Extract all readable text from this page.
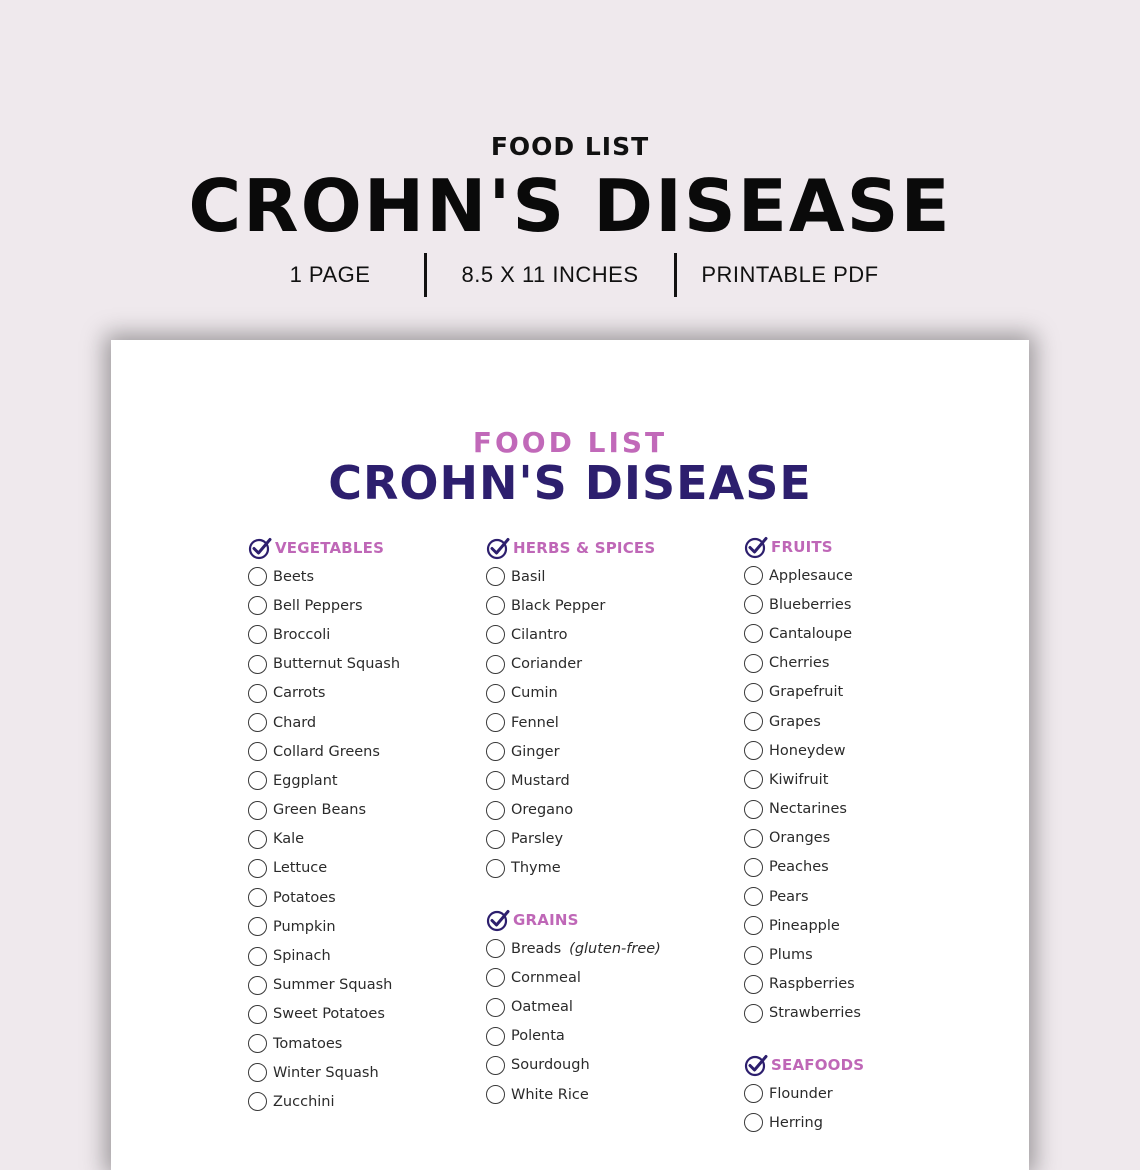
FOOD LIST
CROHN'S DISEASE
1 PAGE	8.5 X 11 INCHES	PRINTABLE PDF
FOOD LIST
CROHN'S DISEASE
VEGETABLES
Beets
Bell Peppers
Broccoli
Butternut Squash
Carrots
Chard
Collard Greens
Eggplant
Green Beans
Kale
Lettuce
Potatoes
Pumpkin
Spinach
Summer Squash
Sweet Potatoes
Tomatoes
Winter Squash
Zucchini
HERBS & SPICES
Basil
Black Pepper
Cilantro
Coriander
Cumin
Fennel
Ginger
Mustard
Oregano
Parsley
Thyme
GRAINS
Breads (gluten-free)
Cornmeal
Oatmeal
Polenta
Sourdough
White Rice
FRUITS
Applesauce
Blueberries
Cantaloupe
Cherries
Grapefruit
Grapes
Honeydew
Kiwifruit
Nectarines
Oranges
Peaches
Pears
Pineapple
Plums
Raspberries
Strawberries
SEAFOODS
Flounder
Herring
